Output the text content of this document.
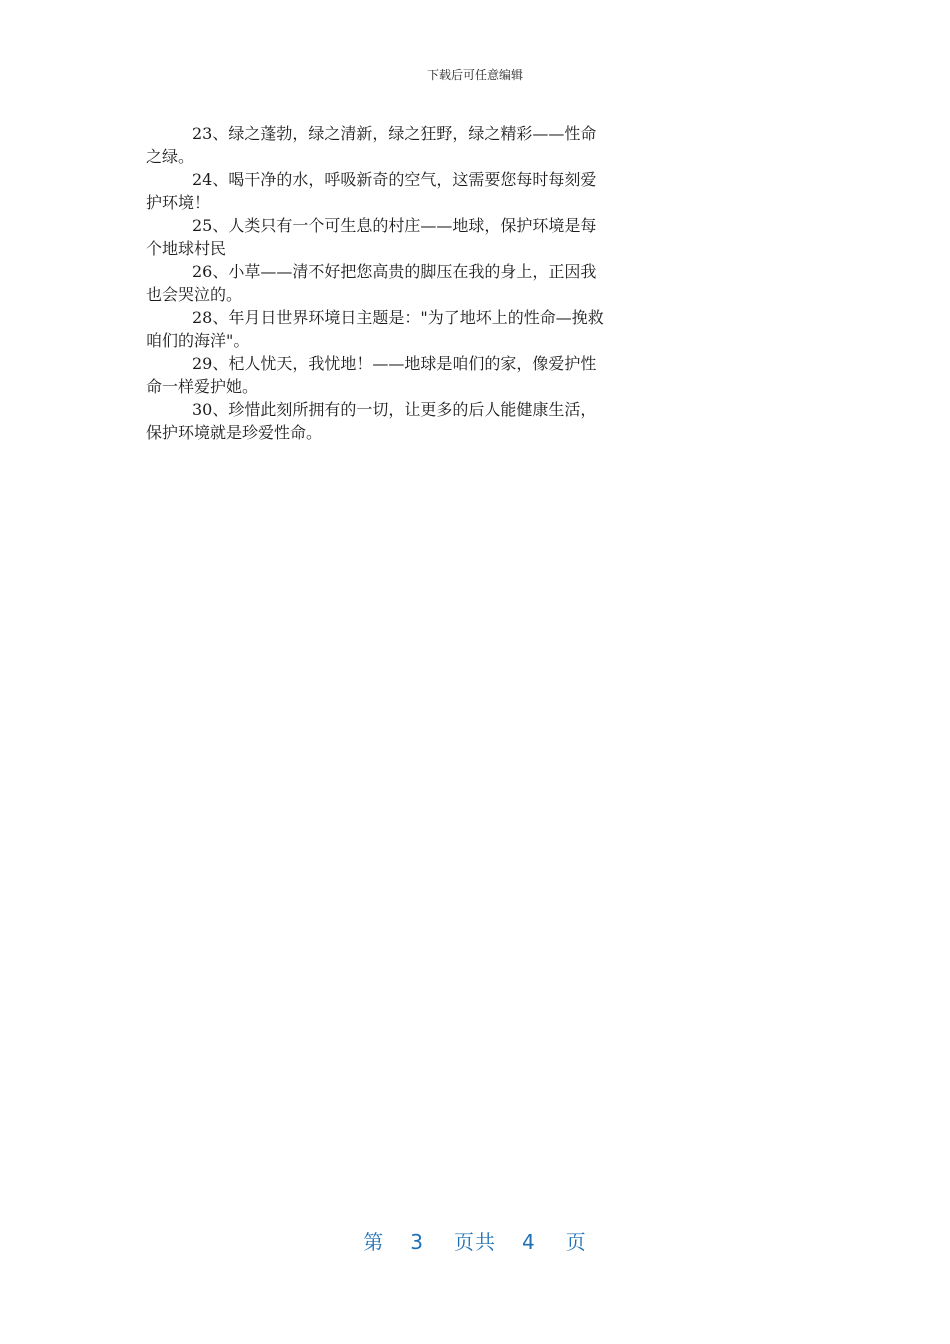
下载后可任意编辑
23、绿之蓬勃，绿之清新，绿之狂野，绿之精彩——性命
之绿。
24、喝干净的水，呼吸新奇的空气，这需要您每时每刻爱
护环境！
25、人类只有一个可生息的村庄——地球，保护环境是每
个地球村民
26、小草——清不好把您高贵的脚压在我的身上，正因我
也会哭泣的。
28、年月日世界环境日主题是："为了地坏上的性命—挽救
咱们的海洋"。
29、杞人忧天，我忧地！——地球是咱们的家，像爱护性
命一样爱护她。
30、珍惜此刻所拥有的一切，让更多的后人能健康生活，
保护环境就是珍爱性命。
第 3 页共 4 页
